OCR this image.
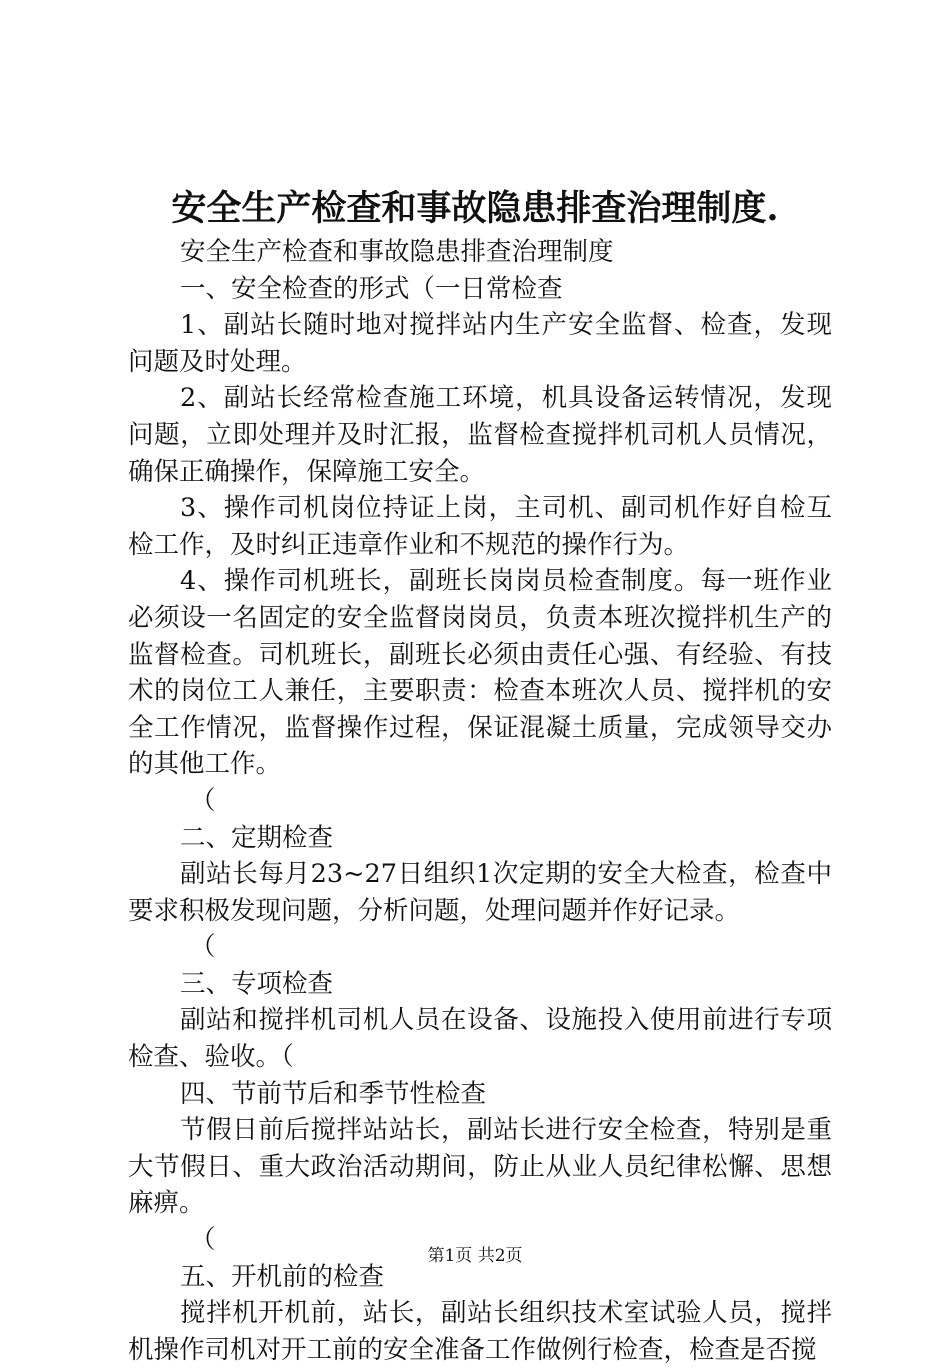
安全生产检查和事故隐患排查治理制度.

安全生产检查和事故隐患排查治理制度

一、安全检查的形式（一日常检查

1、副站长随时地对搅拌站内生产安全监督、检查，发现问题及时处理。

2、副站长经常检查施工环境，机具设备运转情况，发现问题，立即处理并及时汇报，监督检查搅拌机司机人员情况，确保正确操作，保障施工安全。

3、操作司机岗位持证上岗，主司机、副司机作好自检互检工作，及时纠正违章作业和不规范的操作行为。

4、操作司机班长，副班长岗岗员检查制度。每一班作业必须设一名固定的安全监督岗岗员，负责本班次搅拌机生产的监督检查。司机班长，副班长必须由责任心强、有经验、有技术的岗位工人兼任，主要职责：检查本班次人员、搅拌机的安全工作情况，监督操作过程，保证混凝土质量，完成领导交办的其他工作。

（

二、定期检查

副站长每月23~27日组织1次定期的安全大检查，检查中要求积极发现问题，分析问题，处理问题并作好记录。

（

三、专项检查

副站和搅拌机司机人员在设备、设施投入使用前进行专项检查、验收。（

四、节前节后和季节性检查

节假日前后搅拌站站长，副站长进行安全检查，特别是重大节假日、重大政治活动期间，防止从业人员纪律松懈、思想麻痹。

（

五、开机前的检查

搅拌机开机前，站长，副站长组织技术室试验人员，搅拌机操作司机对开工前的安全准备工作做例行检查，检查是否搅

第1页 共2页
